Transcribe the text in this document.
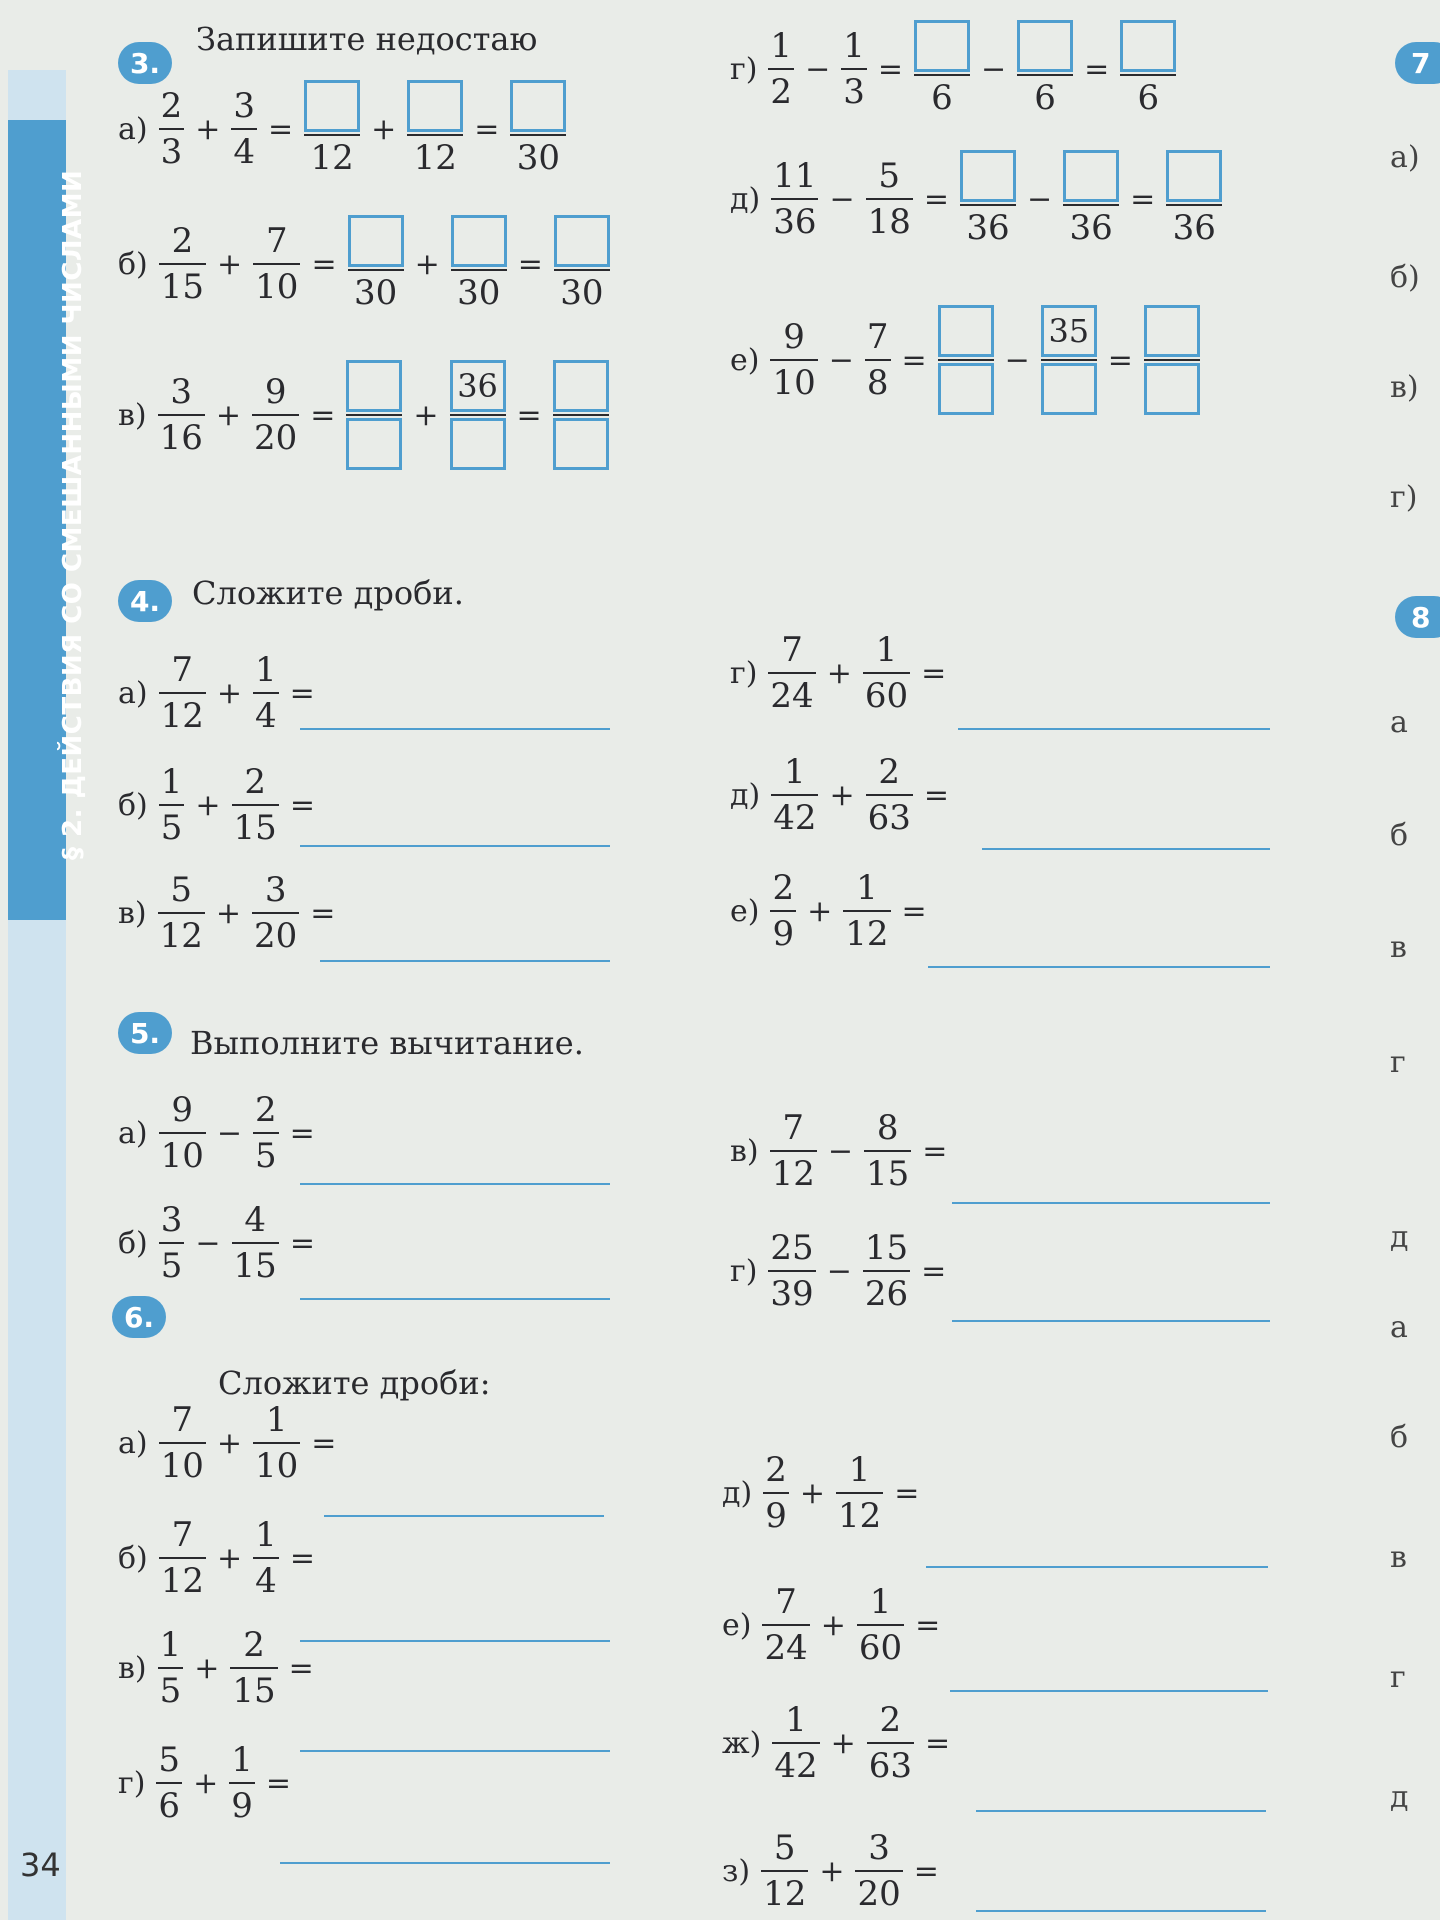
§ 2. ДЕЙСТВИЯ СО СМЕШАННЫМИ ЧИСЛАМИ
34
3.
Запишите недостаю
$а) \frac{2}{3} + \frac{3}{4}$ =
12
+
12
=
30
$б) \frac{2}{15} + \frac{7}{10}$ =
30
+
30
=
30
$в) \frac{3}{16} + \frac{9}{20}$ =	+
36
=
$г) \frac{1}{2} - \frac{1}{3}$ =
6
−
6
=
6
$д) \frac{11}{36} - \frac{5}{18}$ =
36
−
36
=
36
$е) \frac{9}{10} - \frac{7}{8}$ =	−
35
=
4. Сложите дроби.
$а) \frac{7}{12} + \frac{1}{4}$ =
$б) \frac{1}{5} + \frac{2}{15}$ =
$в) \frac{5}{12} + \frac{3}{20}$ =
$г) \frac{7}{24} + \frac{1}{60}$ =
$д) \frac{1}{42} + \frac{2}{63}$ =
$е) \frac{2}{9} + \frac{1}{12}$ =
5. Выполните вычитание.
$а) \frac{9}{10} - \frac{2}{5}$ =
$б) \frac{3}{5} - \frac{4}{15}$ =
$в) \frac{7}{12} - \frac{8}{15}$ =
$г) \frac{25}{39} - \frac{15}{26}$ =
6.
Сложите дроби:
$а) \frac{7}{10} + \frac{1}{10}$ =
$б) \frac{7}{12} + \frac{1}{4}$ =
$в) \frac{1}{5} + \frac{2}{15}$ =
$г) \frac{5}{6} + \frac{1}{9}$ =
$д) \frac{2}{9} + \frac{1}{12}$ =
$е) \frac{7}{24} + \frac{1}{60}$ =
$ж) \frac{1}{42} + \frac{2}{63}$ =
$з) \frac{5}{12} + \frac{3}{20}$ =
7
8
а)
б)
в)
г)
а
б
в
г
д
а
б
в
г
д
